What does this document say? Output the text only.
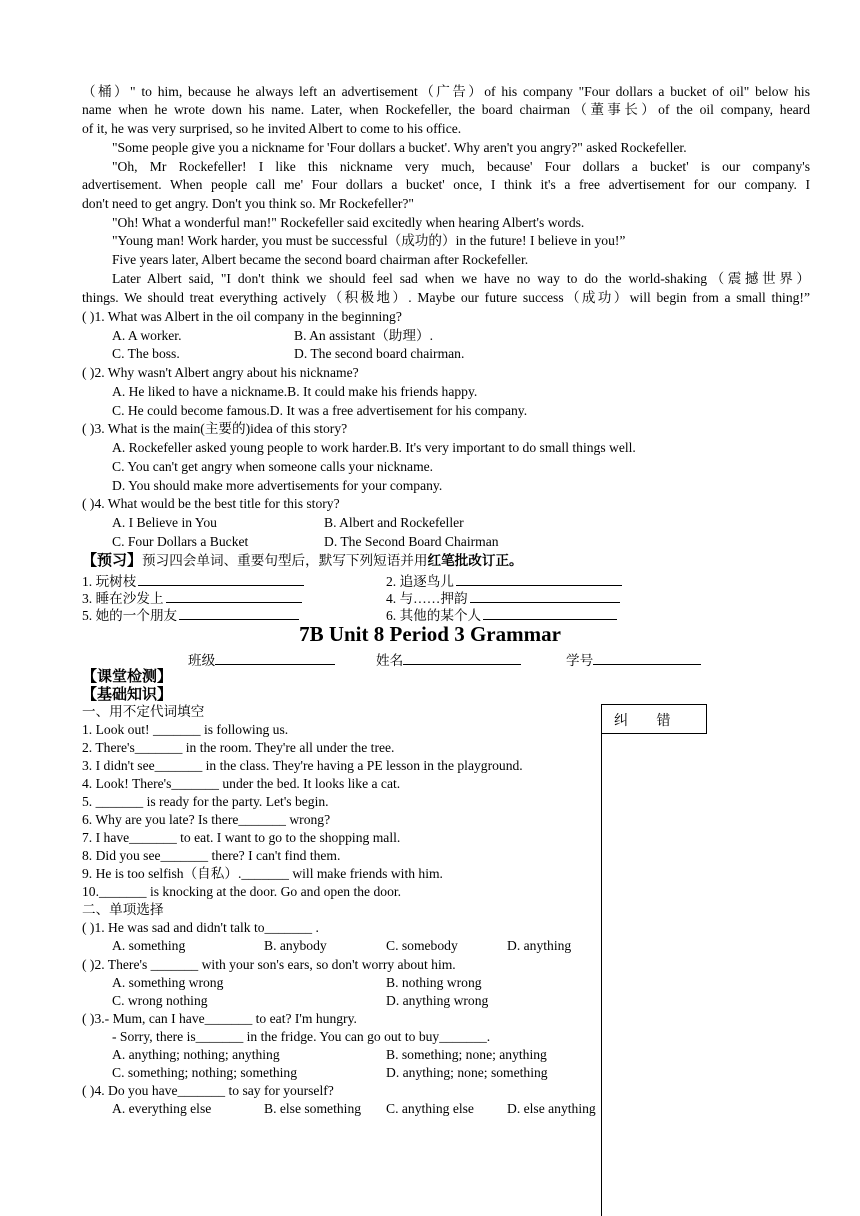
（桶）" to him, because he always left an advertisement（广告）of his company "Four dollars a bucket of oil" below his
name when he wrote down his name. Later, when Rockefeller, the board chairman（董事长）of the oil company, heard
of it, he was very surprised, so he invited Albert to come to his office.
"Some people give you a nickname for 'Four dollars a bucket'. Why aren't you angry?" asked Rockefeller.
"Oh, Mr Rockefeller! I like this nickname very much, because' Four dollars a bucket' is our company's
advertisement. When people call me' Four dollars a bucket' once, I think it's a free advertisement for our company. I
don't need to get angry. Don't you think so. Mr Rockefeller?"
"Oh! What a wonderful man!" Rockefeller said excitedly when hearing Albert's words.
"Young man! Work harder, you must be successful（成功的）in the future! I believe in you!”
Five years later, Albert became the second board chairman after Rockefeller.
Later Albert said, "I don't think we should feel sad when we have no way to do the world-shaking（震撼世界）
things. We should treat everything actively（积极地）. Maybe our future success（成功）will begin from a small thing!”
( )1. What was Albert in the oil company in the beginning?
A. A worker.	B. An assistant（助理）.
C. The boss.	D. The second board chairman.
( )2. Why wasn't Albert angry about his nickname?
A. He liked to have a nickname.B. It could make his friends happy.
C. He could become famous.D. It was a free advertisement for his company.
( )3. What is the main(主要的)idea of this story?
A. Rockefeller asked young people to work harder.B. It's very important to do small things well.
C. You can't get angry when someone calls your nickname.
D. You should make more advertisements for your company.
( )4. What would be the best title for this story?
A. I Believe in You	B. Albert and Rockefeller
C. Four Dollars a Bucket	D. The Second Board Chairman
【预习】预习四会单词、重要句型后，默写下列短语并用红笔批改订正。
1. 玩树枝	2. 追逐鸟儿
3. 睡在沙发上	4. 与……押韵
5. 她的一个朋友	6. 其他的某个人
7B Unit 8 Period 3 Grammar
班级	姓名	学号
【课堂检测】
【基础知识】
一、用不定代词填空
1. Look out! _______ is following us.
2. There's_______ in the room. They're all under the tree.
3. I didn't see_______ in the class. They're having a PE lesson in the playground.
4. Look! There's_______ under the bed. It looks like a cat.
5. _______ is ready for the party. Let's begin.
6. Why are you late? Is there_______ wrong?
7. I have_______ to eat. I want to go to the shopping mall.
8. Did you see_______ there? I can't find them.
9. He is too selfish（自私）._______ will make friends with him.
10._______ is knocking at the door. Go and open the door.
二、单项选择
( )1. He was sad and didn't talk to_______ .
A. something	B. anybody	C. somebody	D. anything
( )2. There's _______ with your son's ears, so don't worry about him.
A. something wrong	B. nothing wrong
C. wrong nothing	D. anything wrong
( )3.- Mum, can I have_______ to eat? I'm hungry.
- Sorry, there is_______ in the fridge. You can go out to buy_______.
A. anything; nothing; anything	B. something; none; anything
C. something; nothing; something	D. anything; none; something
( )4. Do you have_______ to say for yourself?
A. everything else	B. else something C. anything else D. else anything
纠 错
